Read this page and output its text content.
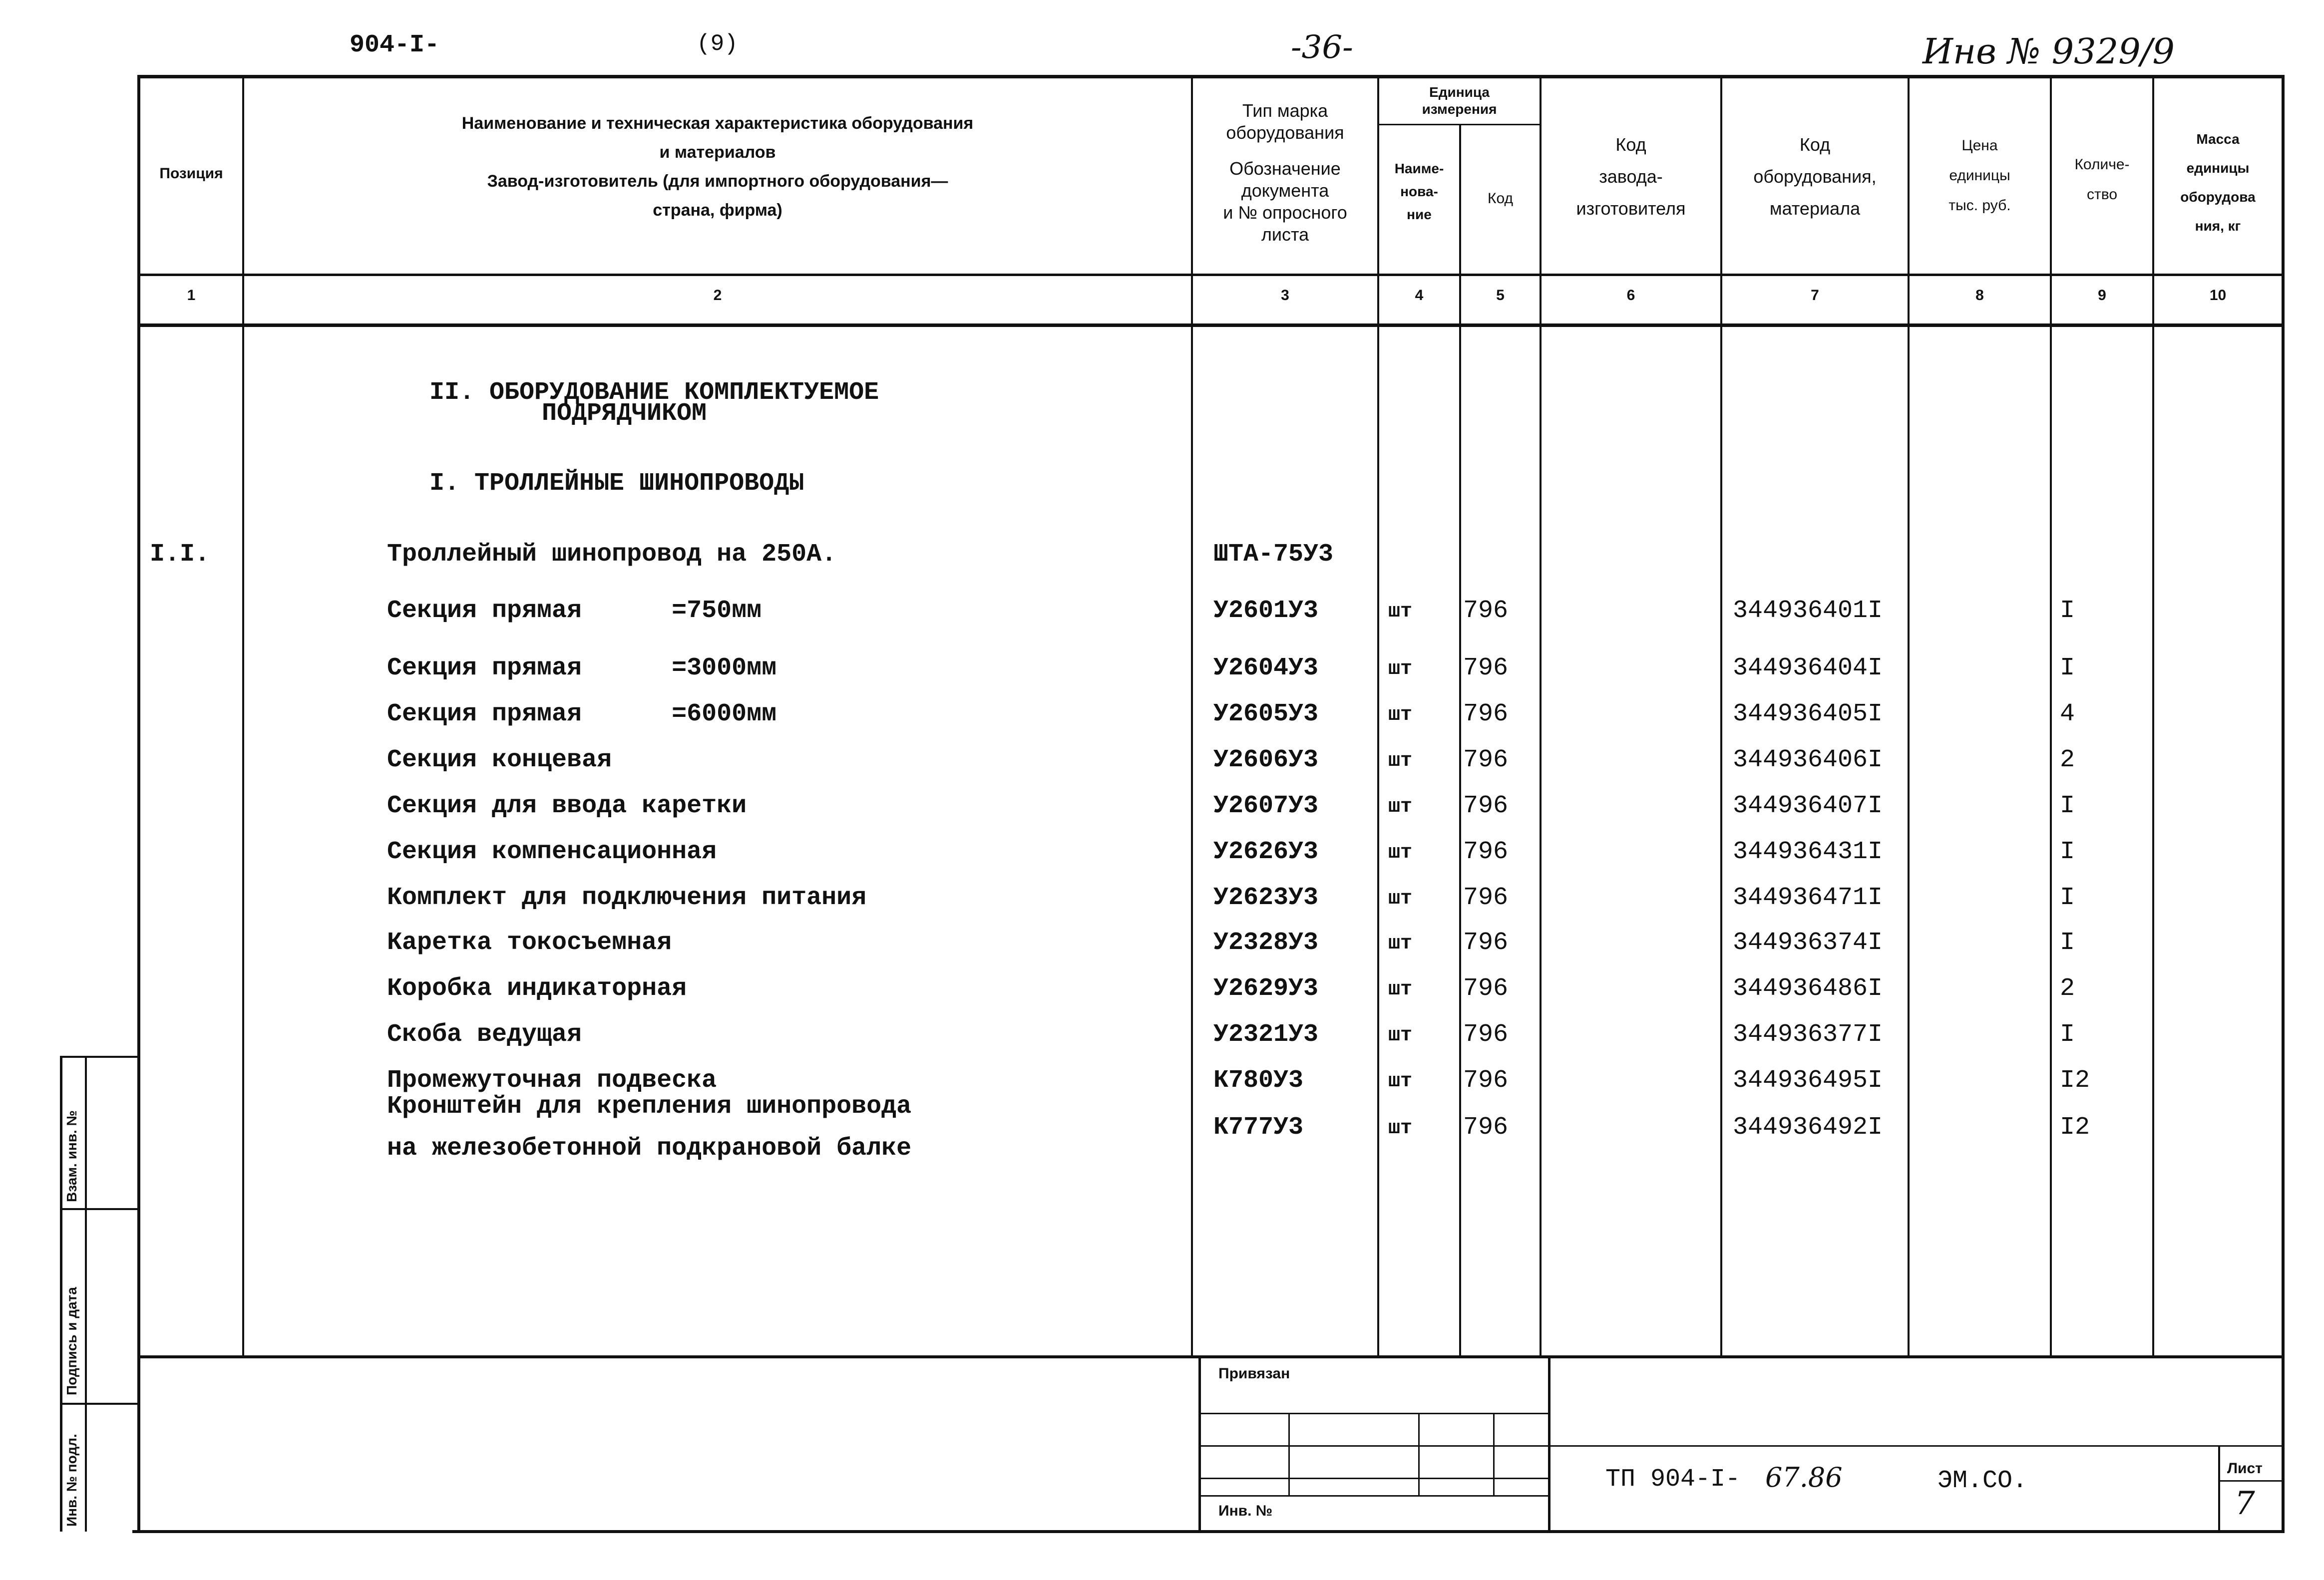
904-I-	(9)	-36-	Инв № 9329/9
Позиция
Наименование и техническая характеристика оборудования
и материалов
Завод-изготовитель (для импортного оборудования—
страна, фирма)
Тип марка
оборудования
Обозначение
документа
и № опросного
листа
Единица
измерения
Наиме-
нова-
ние
Код
Код
завода-
изготовителя
Код
оборудования,
материала
Цена
единицы
тыс. руб.
Количе-
ство
Масса
единицы
оборудова
ния, кг
1	2	3	4	5	6	7	8	9	10
II. ОБОРУДОВАНИЕ КОМПЛЕКТУЕМОЕ
ПОДРЯДЧИКОМ
I. ТРОЛЛЕЙНЫЕ ШИНОПРОВОДЫ
I.I.	Троллейный шинопровод на 250А.	ШТА-75У3
Секция прямая      =750мм	У2601У3	шт 796	344936401I	I
Секция прямая      =3000мм	У2604У3	шт 796	344936404I	I
Секция прямая      =6000мм	У2605У3	шт 796	344936405I	4
Секция концевая	У2606У3	шт 796	344936406I	2
Секция для ввода каретки	У2607У3	шт 796	344936407I	I
Секция компенсационная	У2626У3	шт 796	344936431I	I
Комплект для подключения питания	У2623У3	шт 796	344936471I	I
Каретка токосъемная	У2328У3	шт 796	344936374I	I
Коробка индикаторная	У2629У3	шт 796	344936486I	2
Скоба ведущая	У2321У3	шт 796	344936377I	I
Промежуточная подвеска	К780У3	шт 796	344936495I	I2
Кронштейн для крепления шинопровода
К777У3	шт 796	344936492I	I2
на железобетонной подкрановой балке
Привязан
Инв. №
ТП 904-I- 67.86	ЭМ.СО.	Лист
7
Взам. инв. №
Подпись и дата
Инв. № подл.
